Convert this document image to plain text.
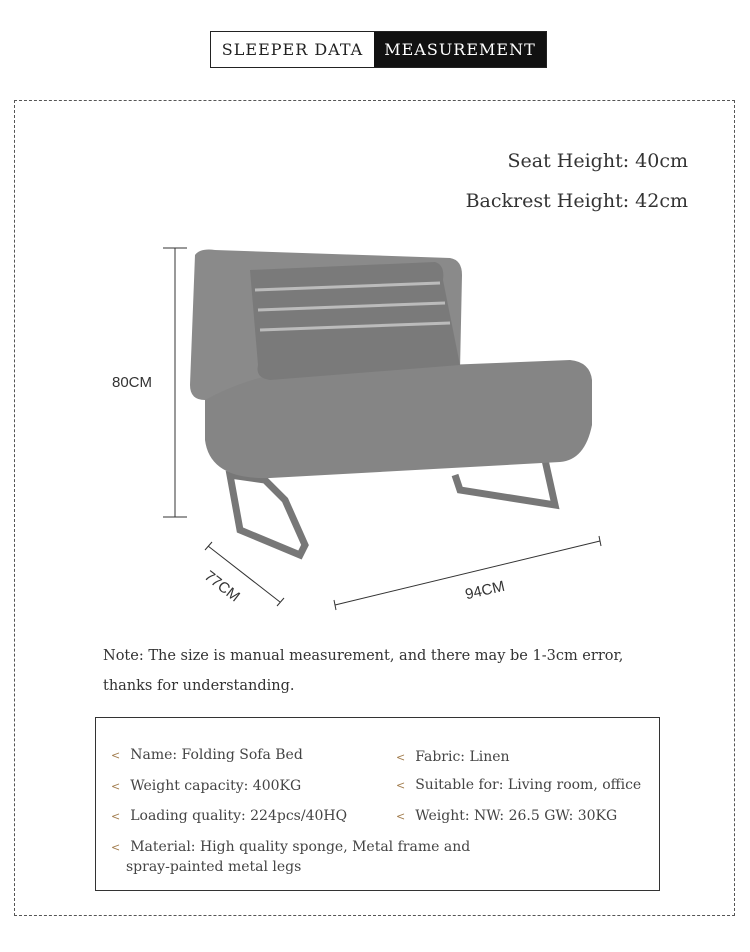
SLEEPER DATA	MEASUREMENT
Seat Height: 40cm
Backrest Height: 42cm
80CM
77CM	94CM
Note: The size is manual measurement, and there may be 1-3cm error,
thanks for understanding.
< Name: Folding Sofa Bed	< Fabric: Linen
< Weight capacity: 400KG	< Suitable for: Living room, office
< Loading quality: 224pcs/40HQ	< Weight: NW: 26.5 GW: 30KG
< Material: High quality sponge, Metal frame and
spray-painted metal legs
